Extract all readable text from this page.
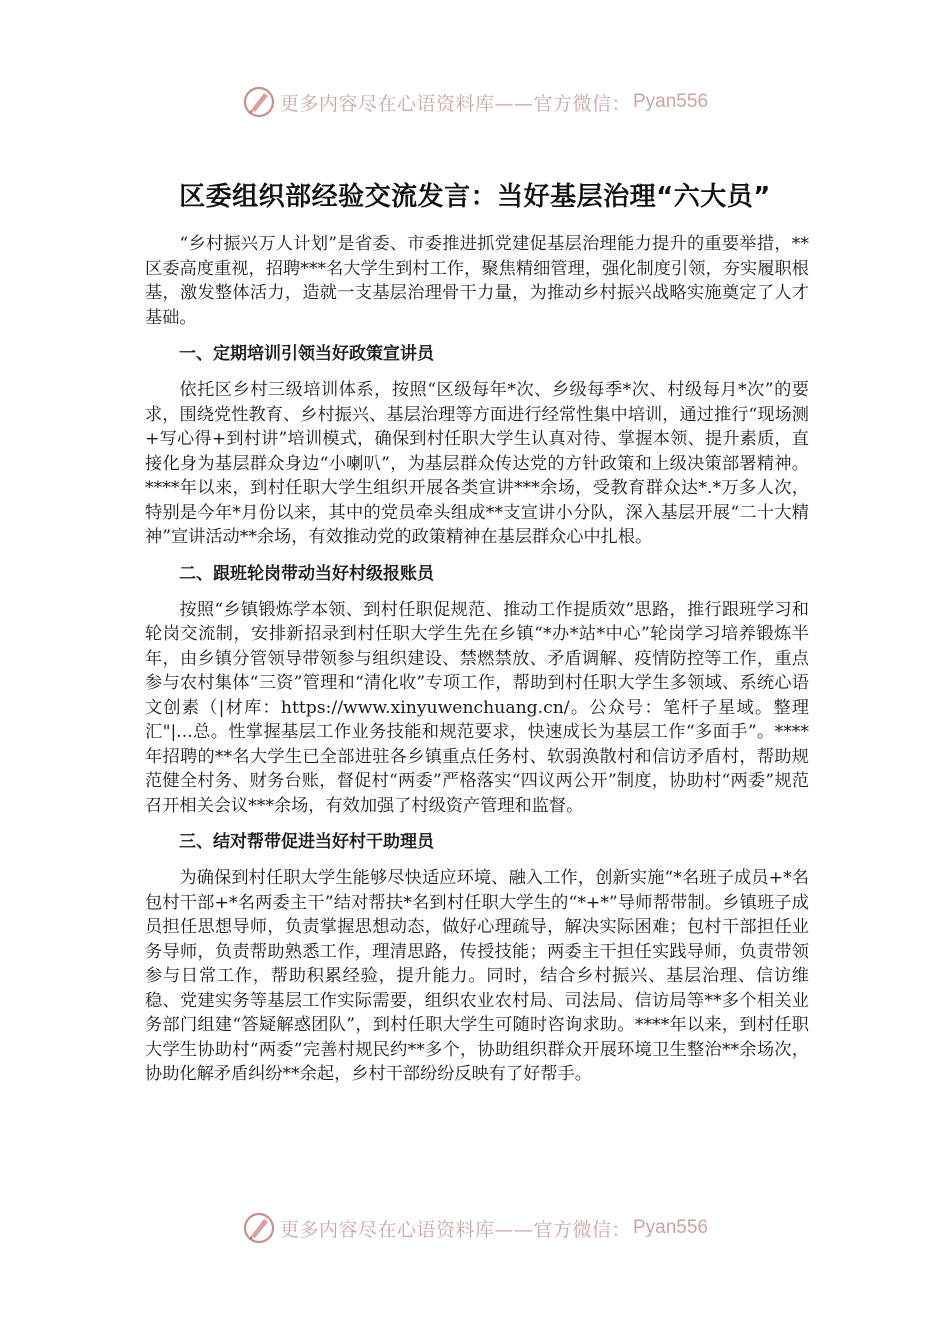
更多内容尽在心语资料库——官方微信： Pyan556
区委组织部经验交流发言：当好基层治理“六大员”

“乡村振兴万人计划”是省委、市委推进抓党建促基层治理能力提升的重要举措，**区委高度重视，招聘***名大学生到村工作，聚焦精细管理，强化制度引领，夯实履职根基，激发整体活力，造就一支基层治理骨干力量，为推动乡村振兴战略实施奠定了人才基础。

一、定期培训引领当好政策宣讲员

依托区乡村三级培训体系，按照“区级每年*次、乡级每季*次、村级每月*次”的要求，围绕党性教育、乡村振兴、基层治理等方面进行经常性集中培训，通过推行“现场测+写心得+到村讲”培训模式，确保到村任职大学生认真对待、掌握本领、提升素质，直接化身为基层群众身边“小喇叭”，为基层群众传达党的方针政策和上级决策部署精神。****年以来，到村任职大学生组织开展各类宣讲***余场，受教育群众达*.*万多人次，特别是今年*月份以来，其中的党员牵头组成**支宣讲小分队，深入基层开展“二十大精神”宣讲活动**余场，有效推动党的政策精神在基层群众心中扎根。

二、跟班轮岗带动当好村级报账员

按照“乡镇锻炼学本领、到村任职促规范、推动工作提质效”思路，推行跟班学习和轮岗交流制，安排新招录到村任职大学生先在乡镇“*办*站*中心”轮岗学习培养锻炼半年，由乡镇分管领导带领参与组织建设、禁燃禁放、矛盾调解、疫情防控等工作，重点参与农村集体“三资”管理和“清化收”专项工作，帮助到村任职大学生多领域、系统心语文创素（|材库：https://www.xinyuwenchuang.cn/。公众号：笔杆子星域。整理汇"|...总。性掌握基层工作业务技能和规范要求，快速成长为基层工作“多面手”。****年招聘的**名大学生已全部进驻各乡镇重点任务村、软弱涣散村和信访矛盾村，帮助规范健全村务、财务台账，督促村“两委”严格落实“四议两公开”制度，协助村“两委”规范召开相关会议***余场，有效加强了村级资产管理和监督。

三、结对帮带促进当好村干助理员

为确保到村任职大学生能够尽快适应环境、融入工作，创新实施“*名班子成员+*名包村干部+*名两委主干”结对帮扶*名到村任职大学生的“*+*”导师帮带制。乡镇班子成员担任思想导师，负责掌握思想动态，做好心理疏导，解决实际困难；包村干部担任业务导师，负责帮助熟悉工作，理清思路，传授技能；两委主干担任实践导师，负责带领参与日常工作，帮助积累经验，提升能力。同时，结合乡村振兴、基层治理、信访维稳、党建实务等基层工作实际需要，组织农业农村局、司法局、信访局等**多个相关业务部门组建“答疑解惑团队”，到村任职大学生可随时咨询求助。****年以来，到村任职大学生协助村“两委”完善村规民约**多个，协助组织群众开展环境卫生整治**余场次，协助化解矛盾纠纷**余起，乡村干部纷纷反映有了好帮手。

更多内容尽在心语资料库——官方微信： Pyan556
